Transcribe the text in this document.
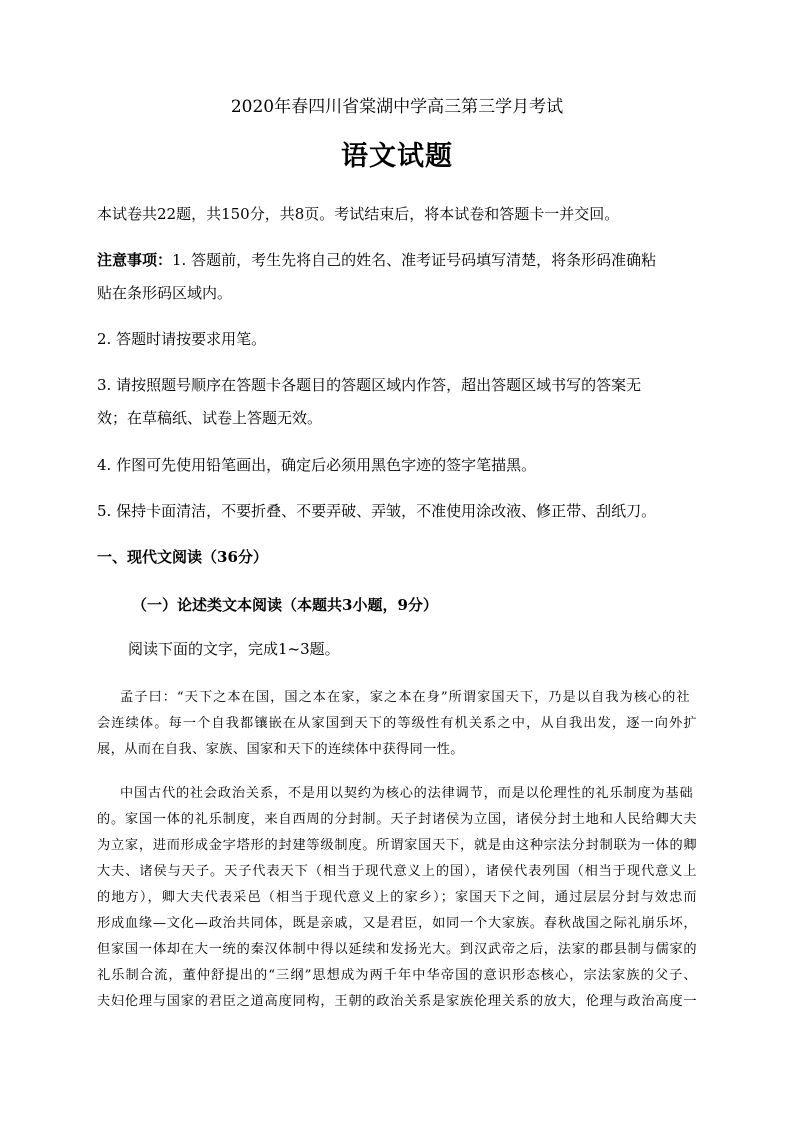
2020年春四川省棠湖中学高三第三学月考试
语文试题
本试卷共22题，共150分，共8页。考试结束后，将本试卷和答题卡一并交回。
注意事项：1. 答题前，考生先将自己的姓名、准考证号码填写清楚，将条形码准确粘
贴在条形码区域内。
2. 答题时请按要求用笔。
3. 请按照题号顺序在答题卡各题目的答题区域内作答，超出答题区域书写的答案无
效；在草稿纸、试卷上答题无效。
4. 作图可先使用铅笔画出，确定后必须用黑色字迹的签字笔描黑。
5. 保持卡面清洁，不要折叠、不要弄破、弄皱，不准使用涂改液、修正带、刮纸刀。
一、现代文阅读（36分）
（一）论述类文本阅读（本题共3小题，9分）
阅读下面的文字，完成1~3题。
孟子曰：“天下之本在国，国之本在家，家之本在身”所谓家国天下，乃是以自我为核心的社
会连续体。每一个自我都镶嵌在从家国到天下的等级性有机关系之中，从自我出发，逐一向外扩
展，从而在自我、家族、国家和天下的连续体中获得同一性。
中国古代的社会政治关系，不是用以契约为核心的法律调节，而是以伦理性的礼乐制度为基础
的。家国一体的礼乐制度，来自西周的分封制。天子封诸侯为立国，诸侯分封土地和人民给卿大夫
为立家，进而形成金字塔形的封建等级制度。所谓家国天下，就是由这种宗法分封制联为一体的卿
大夫、诸侯与天子。天子代表天下（相当于现代意义上的国），诸侯代表列国（相当于现代意义上
的地方），卿大夫代表采邑（相当于现代意义上的家乡）；家国天下之间，通过层层分封与效忠而
形成血缘—文化—政治共同体，既是亲戚，又是君臣，如同一个大家族。春秋战国之际礼崩乐坏，
但家国一体却在大一统的秦汉体制中得以延续和发扬光大。到汉武帝之后，法家的郡县制与儒家的
礼乐制合流，董仲舒提出的“三纲”思想成为两千年中华帝国的意识形态核心，宗法家族的父子、
夫妇伦理与国家的君臣之道高度同构，王朝的政治关系是家族伦理关系的放大，伦理与政治高度一
